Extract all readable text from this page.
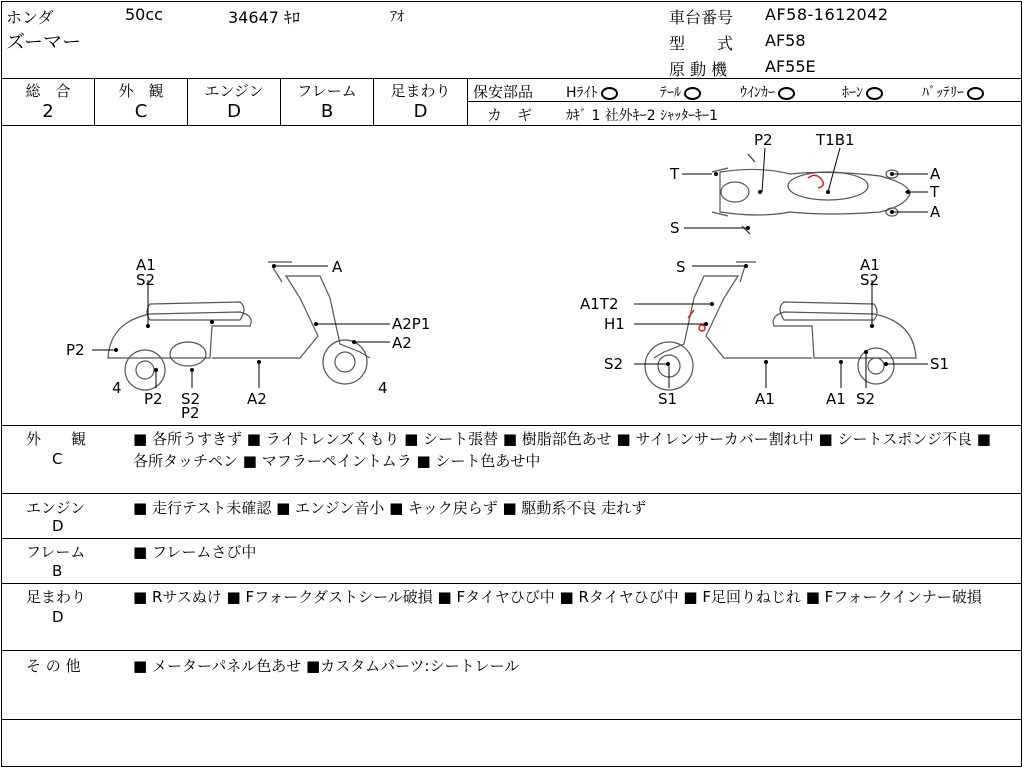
ホンダ
ズーマー
50cc	34647 ｷﾛ	ｱｵ	車台番号 AF58-1612042
型　　式 AF58
原 動 機 AF55E
総　合
2
外　観
C
エンジン
D
フレーム
B
足まわり
D
保安部品 Hﾗｲﾄ	ﾃｰﾙ	ｳｲﾝｶｰ	ﾎｰﾝ	ﾊﾞｯﾃﾘｰ
カ　ギ ｶｷﾞ 1 社外ｷｰ2 ｼｬｯﾀｰｷｰ1
T
P2	T1B1
A
T
A
S
A1
S2
A
A2P1
A2
P2
4	4
P2 S2
P2
A2
S	A1
S2
A1T2
H1
S2	S1
S1	A1	A1 S2
外　　観
C
■ 各所うすきず ■ ライトレンズくもり ■ シート張替 ■ 樹脂部色あせ ■ サイレンサーカバー割れ中 ■ シートスポンジ不良 ■ 各所タッチペン ■ マフラーペイントムラ ■ シート色あせ中
エンジン
D
■ 走行テスト未確認 ■ エンジン音小 ■ キック戻らず ■ 駆動系不良 走れず
フレーム
B
■ フレームさび中
足まわり
D
■ Rサスぬけ ■ Fフォークダストシール破損 ■ Fタイヤひび中 ■ Rタイヤひび中 ■ F足回りねじれ ■ Fフォークインナー破損
そ の 他	■ メーターパネル色あせ ■カスタムパーツ:シートレール
